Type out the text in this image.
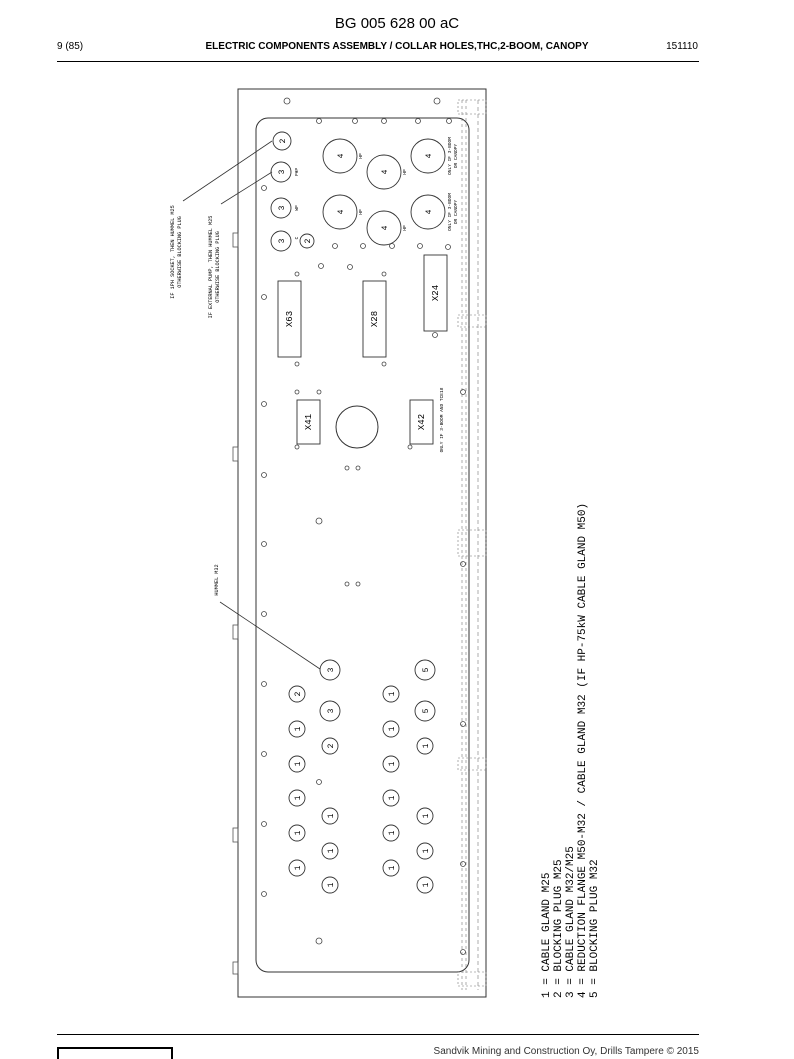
BG 005 628 00 aC
9 (85)	ELECTRIC COMPONENTS ASSEMBLY / COLLAR HOLES,THC,2-BOOM, CANOPY	151110
X63	X28
X24
X41	X42	ONLY IF 3-BOOM AND TCE18
2
3
3
3 2
4
4
4
4
4
4
PHP
WP
C
HP
HP
HP
HP
ONLY IF 3-BOOM OR CANOPY
ONLY IF 3-BOOM OR CANOPY
IF 1PH SOCKET, THEN HUMMEL M25 OTHERWISE BLOCKING PLUG	IF EXTERNAL PUMP, THEN HUMMEL M25 OTHERWISE BLOCKING PLUG
HUMMEL M32
2
1
1
1
1
1
3
3
2
1
1
1
1
1
1
1
1
1
5
5
1
1
1
1	1 = CABLE GLAND M25 2 = BLOCKING PLUG M25 3 = CABLE GLAND M32/M25 4 = REDUCTION FLANGE M50-M32 / CABLE GLAND M32 (IF HP-75kW CABLE GLAND M50) 5 = BLOCKING PLUG M32
Sandvik Mining and Construction Oy, Drills Tampere © 2015
